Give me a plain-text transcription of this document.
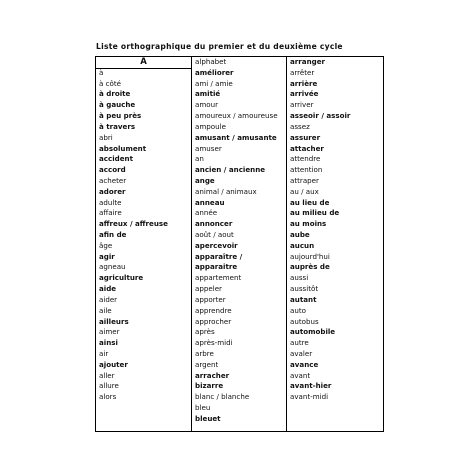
Liste orthographique du premier et du deuxième cycle
A
à
à côté
à droite
à gauche
à peu près
à travers
abri
absolument
accident
accord
acheter
adorer
adulte
affaire
affreux / affreuse
afin de
âge
agir
agneau
agriculture
aide
aider
aile
ailleurs
aimer
ainsi
air
ajouter
aller
allure
alors
alphabet
améliorer
ami / amie
amitié
amour
amoureux / amoureuse
ampoule
amusant / amusante
amuser
an
ancien / ancienne
ange
animal / animaux
anneau
année
annoncer
août / aout
apercevoir
apparaître /
apparaitre
appartement
appeler
apporter
apprendre
approcher
après
après-midi
arbre
argent
arracher
bizarre
blanc / blanche
bleu
bleuet
arranger
arrêter
arrière
arrivée
arriver
asseoir / assoir
assez
assurer
attacher
attendre
attention
attraper
au / aux
au lieu de
au milieu de
au moins
aube
aucun
aujourd'hui
auprès de
aussi
aussitôt
autant
auto
autobus
automobile
autre
avaler
avance
avant
avant-hier
avant-midi
